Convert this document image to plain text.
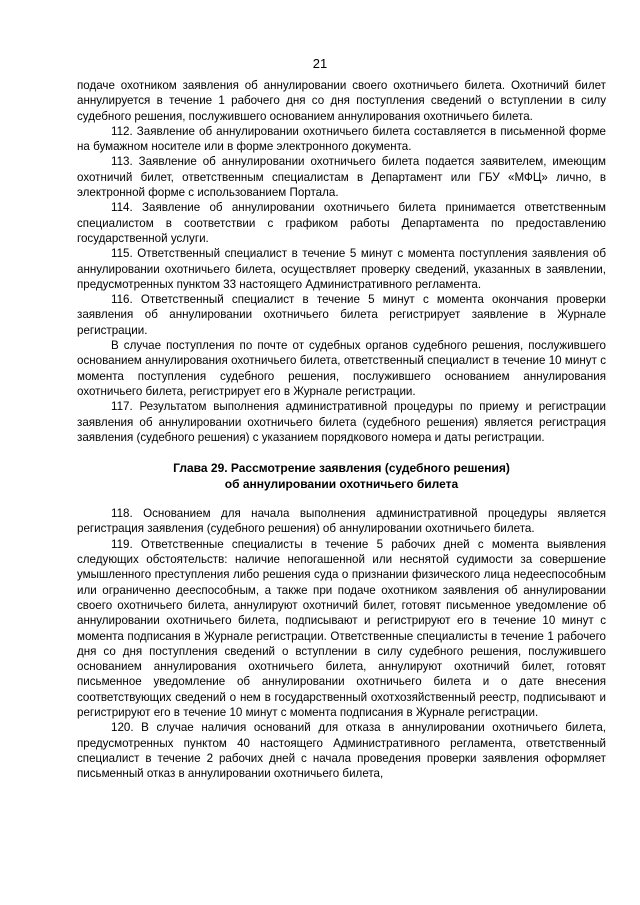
21

подаче охотником заявления об аннулировании своего охотничьего билета. Охотничий билет аннулируется в течение 1 рабочего дня со дня поступления сведений о вступлении в силу судебного решения, послужившего основанием аннулирования охотничьего билета.

112. Заявление об аннулировании охотничьего билета составляется в письменной форме на бумажном носителе или в форме электронного документа.

113. Заявление об аннулировании охотничьего билета подается заявителем, имеющим охотничий билет, ответственным специалистам в Департамент или ГБУ «МФЦ» лично, в электронной форме с использованием Портала.

114. Заявление об аннулировании охотничьего билета принимается ответственным специалистом в соответствии с графиком работы Департамента по предоставлению государственной услуги.

115. Ответственный специалист в течение 5 минут с момента поступления заявления об аннулировании охотничьего билета, осуществляет проверку сведений, указанных в заявлении, предусмотренных пунктом 33 настоящего Административного регламента.

116. Ответственный специалист в течение 5 минут с момента окончания проверки заявления об аннулировании охотничьего билета регистрирует заявление в Журнале регистрации.

В случае поступления по почте от судебных органов судебного решения, послужившего основанием аннулирования охотничьего билета, ответственный специалист в течение 10 минут с момента поступления судебного решения, послужившего основанием аннулирования охотничьего билета, регистрирует его в Журнале регистрации.

117. Результатом выполнения административной процедуры по приему и регистрации заявления об аннулировании охотничьего билета (судебного решения) является регистрация заявления (судебного решения) с указанием порядкового номера и даты регистрации.

Глава 29. Рассмотрение заявления (судебного решения)
об аннулировании охотничьего билета

118. Основанием для начала выполнения административной процедуры является регистрация заявления (судебного решения) об аннулировании охотничьего билета.

119. Ответственные специалисты в течение 5 рабочих дней с момента выявления следующих обстоятельств: наличие непогашенной или неснятой судимости за совершение умышленного преступления либо решения суда о признании физического лица недееспособным или ограниченно дееспособным, а также при подаче охотником заявления об аннулировании своего охотничьего билета, аннулируют охотничий билет, готовят письменное уведомление об аннулировании охотничьего билета, подписывают и регистрируют его в течение 10 минут с момента подписания в Журнале регистрации. Ответственные специалисты в течение 1 рабочего дня со дня поступления сведений о вступлении в силу судебного решения, послужившего основанием аннулирования охотничьего билета, аннулируют охотничий билет, готовят письменное уведомление об аннулировании охотничьего билета и о дате внесения соответствующих сведений о нем в государственный охотхозяйственный реестр, подписывают и регистрируют его в течение 10 минут с момента подписания в Журнале регистрации.

120. В случае наличия оснований для отказа в аннулировании охотничьего билета, предусмотренных пунктом 40 настоящего Административного регламента, ответственный специалист в течение 2 рабочих дней с начала проведения проверки заявления оформляет письменный отказ в аннулировании охотничьего билета,
